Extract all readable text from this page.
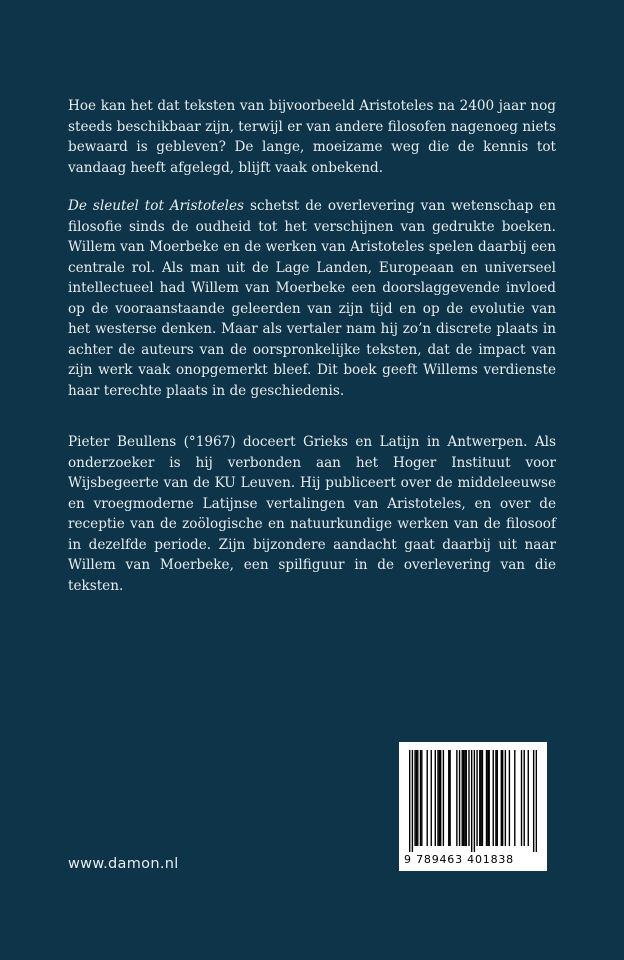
Hoe kan het dat teksten van bijvoorbeeld Aristoteles na 2400 jaar nog steeds beschikbaar zijn, terwijl er van andere filosofen nagenoeg niets bewaard is gebleven? De lange, moeizame weg die de kennis tot vandaag heeft afgelegd, blijft vaak onbekend.

De sleutel tot Aristoteles schetst de overlevering van wetenschap en filosofie sinds de oudheid tot het verschijnen van gedrukte boeken. Willem van Moerbeke en de werken van Aristoteles spelen daarbij een centrale rol. Als man uit de Lage Landen, Europeaan en universeel intellectueel had Willem van Moerbeke een doorslaggevende invloed op de vooraanstaande geleerden van zijn tijd en op de evolutie van het westerse denken. Maar als vertaler nam hij zo’n discrete plaats in achter de auteurs van de oorspronkelijke teksten, dat de impact van zijn werk vaak onopgemerkt bleef. Dit boek geeft Willems verdienste haar terechte plaats in de geschiedenis.

Pieter Beullens (°1967) doceert Grieks en Latijn in Antwerpen. Als onderzoeker is hij verbonden aan het Hoger Instituut voor Wijsbegeerte van de KU Leuven. Hij publiceert over de middeleeuwse en vroegmoderne Latijnse vertalingen van Aristoteles, en over de receptie van de zoölogische en natuurkundige werken van de filosoof in dezelfde periode. Zijn bijzondere aandacht gaat daarbij uit naar Willem van Moerbeke, een spilfiguur in de overlevering van die teksten.

www.damon.nl	9 789463 401838
